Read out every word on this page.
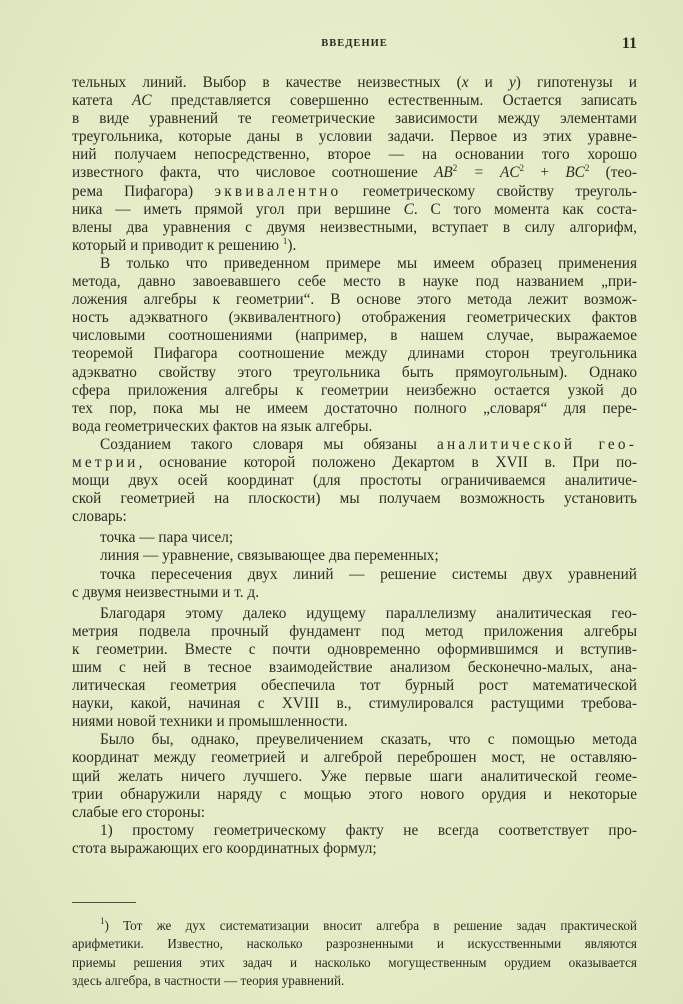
ВВЕДЕНИЕ	11
тельных линий. Выбор в качестве неизвестных (x и y) гипотенузы и
катета AC представляется совершенно естественным. Остается записать
в виде уравнений те геометрические зависимости между элементами
треугольника, которые даны в условии задачи. Первое из этих уравне-
ний получаем непосредственно, второе — на основании того хорошо
известного факта, что числовое соотношение $AB^2 = AC^2 + BC^2$ (тео-
рема Пифагора) эквивалентно геометрическому свойству треуголь-
ника — иметь прямой угол при вершине C. С того момента как соста-
влены два уравнения с двумя неизвестными, вступает в силу алгорифм,
который и приводит к решению $^1$).
В только что приведенном примере мы имеем образец применения
метода, давно завоевавшего себе место в науке под названием „при-
ложения алгебры к геометрии“. В основе этого метода лежит возмож-
ность адэкватного (эквивалентного) отображения геометрических фактов
числовыми соотношениями (например, в нашем случае, выражаемое
теоремой Пифагора соотношение между длинами сторон треугольника
адэкватно свойству этого треугольника быть прямоугольным). Однако
сфера приложения алгебры к геометрии неизбежно остается узкой до
тех пор, пока мы не имеем достаточно полного „словаря“ для пере-
вода геометрических фактов на язык алгебры.
Созданием такого словаря мы обязаны аналитической гео-
метрии, основание которой положено Декартом в XVII в. При по-
мощи двух осей координат (для простоты ограничиваемся аналитиче-
ской геометрией на плоскости) мы получаем возможность установить
словарь:
точка — пара чисел;
линия — уравнение, связывающее два переменных;
точка пересечения двух линий — решение системы двух уравнений
с двумя неизвестными и т. д.
Благодаря этому далеко идущему параллелизму аналитическая гео-
метрия подвела прочный фундамент под метод приложения алгебры
к геометрии. Вместе с почти одновременно оформившимся и вступив-
шим с ней в тесное взаимодействие анализом бесконечно-малых, ана-
литическая геометрия обеспечила тот бурный рост математической
науки, какой, начиная с XVIII в., стимулировался растущими требова-
ниями новой техники и промышленности.
Было бы, однако, преувеличением сказать, что с помощью метода
координат между геометрией и алгеброй переброшен мост, не оставляю-
щий желать ничего лучшего. Уже первые шаги аналитической геоме-
трии обнаружили наряду с мощью этого нового орудия и некоторые
слабые его стороны:
1) простому геометрическому факту не всегда соответствует про-
стота выражающих его координатных формул;
$^1$) Тот же дух систематизации вносит алгебра в решение задач практической
арифметики. Известно, насколько разрозненными и искусственными являются
приемы решения этих задач и насколько могущественным орудием оказывается
здесь алгебра, в частности — теория уравнений.
